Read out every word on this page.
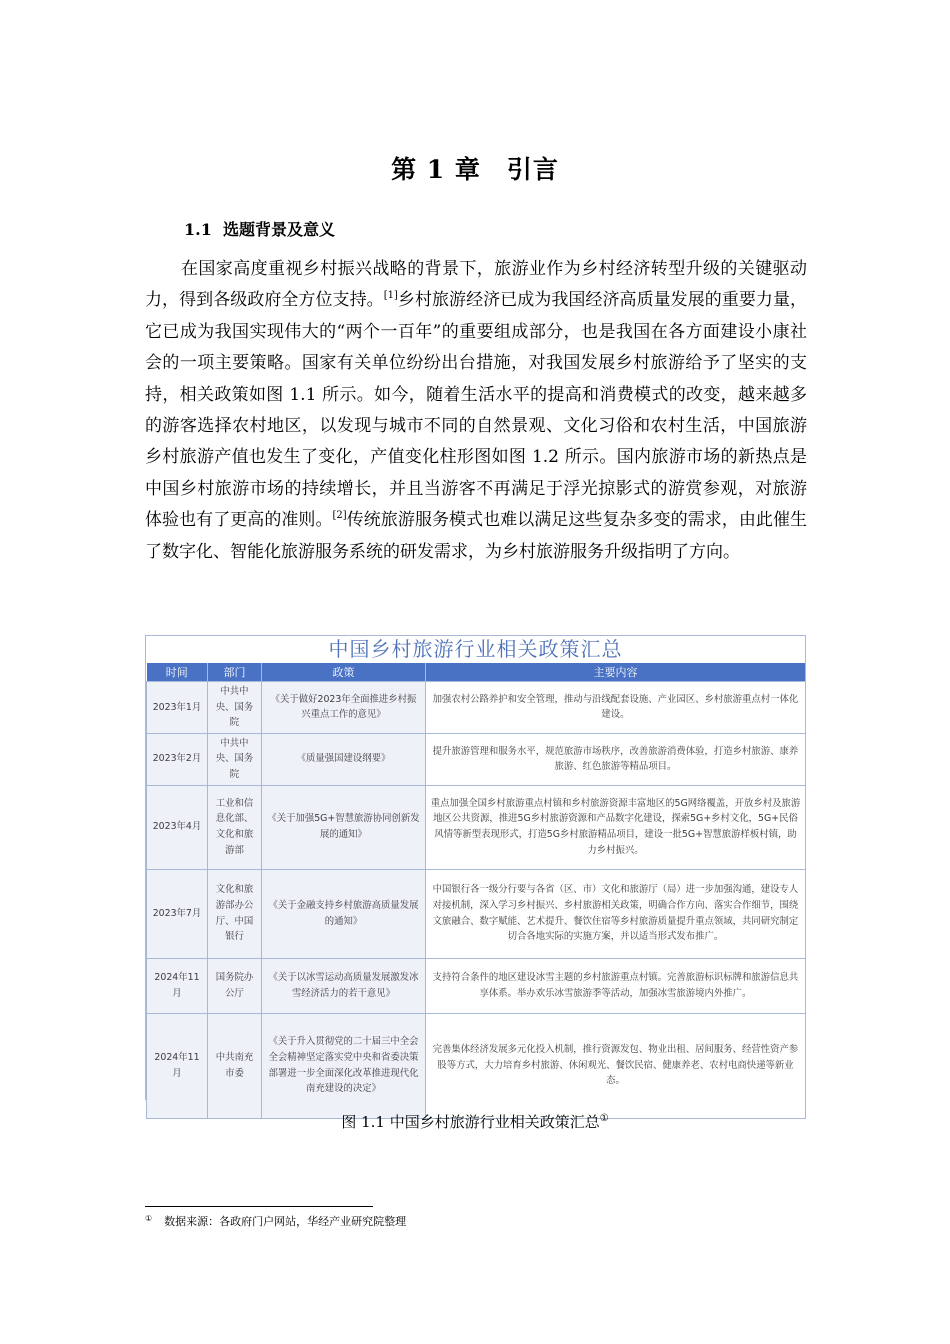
第 1 章　引言
1.1 选题背景及意义

在国家高度重视乡村振兴战略的背景下，旅游业作为乡村经济转型升级的关键驱动力，得到各级政府全方位支持。[1]乡村旅游经济已成为我国经济高质量发展的重要力量，它已成为我国实现伟大的“两个一百年”的重要组成部分，也是我国在各方面建设小康社会的一项主要策略。国家有关单位纷纷出台措施，对我国发展乡村旅游给予了坚实的支持，相关政策如图 1.1 所示。如今，随着生活水平的提高和消费模式的改变，越来越多的游客选择农村地区，以发现与城市不同的自然景观、文化习俗和农村生活，中国旅游乡村旅游产值也发生了变化，产值变化柱形图如图 1.2 所示。国内旅游市场的新热点是中国乡村旅游市场的持续增长，并且当游客不再满足于浮光掠影式的游赏参观，对旅游体验也有了更高的准则。[2]传统旅游服务模式也难以满足这些复杂多变的需求，由此催生了数字化、智能化旅游服务系统的研发需求，为乡村旅游服务升级指明了方向。

中国乡村旅游行业相关政策汇总
时间	部门	政策	主要内容
2023年1月	中共中央、国务院	《关于做好2023年全面推进乡村振兴重点工作的意见》	加强农村公路养护和安全管理，推动与沿线配套设施、产业园区、乡村旅游重点村一体化建设。
2023年2月	中共中央、国务院	《质量强国建设纲要》	提升旅游管理和服务水平，规范旅游市场秩序，改善旅游消费体验，打造乡村旅游、康养旅游、红色旅游等精品项目。
2023年4月	工业和信息化部、文化和旅游部	《关于加强5G+智慧旅游协同创新发展的通知》	重点加强全国乡村旅游重点村镇和乡村旅游资源丰富地区的5G网络覆盖，开放乡村及旅游地区公共资源，推进5G乡村旅游资源和产品数字化建设，探索5G+乡村文化，5G+民俗风情等新型表现形式，打造5G乡村旅游精品项目，建设一批5G+智慧旅游样板村镇，助力乡村振兴。
2023年7月	文化和旅游部办公厅、中国银行	《关于金融支持乡村旅游高质量发展的通知》	中国银行各一级分行要与各省（区、市）文化和旅游厅（局）进一步加强沟通，建设专人对接机制，深入学习乡村振兴、乡村旅游相关政策，明确合作方向、落实合作细节，围绕文旅融合、数字赋能、艺术提升、餐饮住宿等乡村旅游质量提升重点领域，共同研究制定切合各地实际的实施方案，并以适当形式发布推广。
2024年11月	国务院办公厅	《关于以冰雪运动高质量发展激发冰雪经济活力的若干意见》	支持符合条件的地区建设冰雪主题的乡村旅游重点村镇。完善旅游标识标牌和旅游信息共享体系。举办欢乐冰雪旅游季等活动，加强冰雪旅游境内外推广。
2024年11月	中共南充市委	《关于升入贯彻党的二十届三中全会全会精神坚定落实党中央和省委决策部署进一步全面深化改革推进现代化南充建设的决定》	完善集体经济发展多元化投入机制，推行资源发包、物业出租、居间服务、经营性资产参股等方式，大力培育乡村旅游、休闲观光、餐饮民宿、健康养老、农村电商快递等新业态。
图 1.1 中国乡村旅游行业相关政策汇总①
① 数据来源：各政府门户网站，华经产业研究院整理
